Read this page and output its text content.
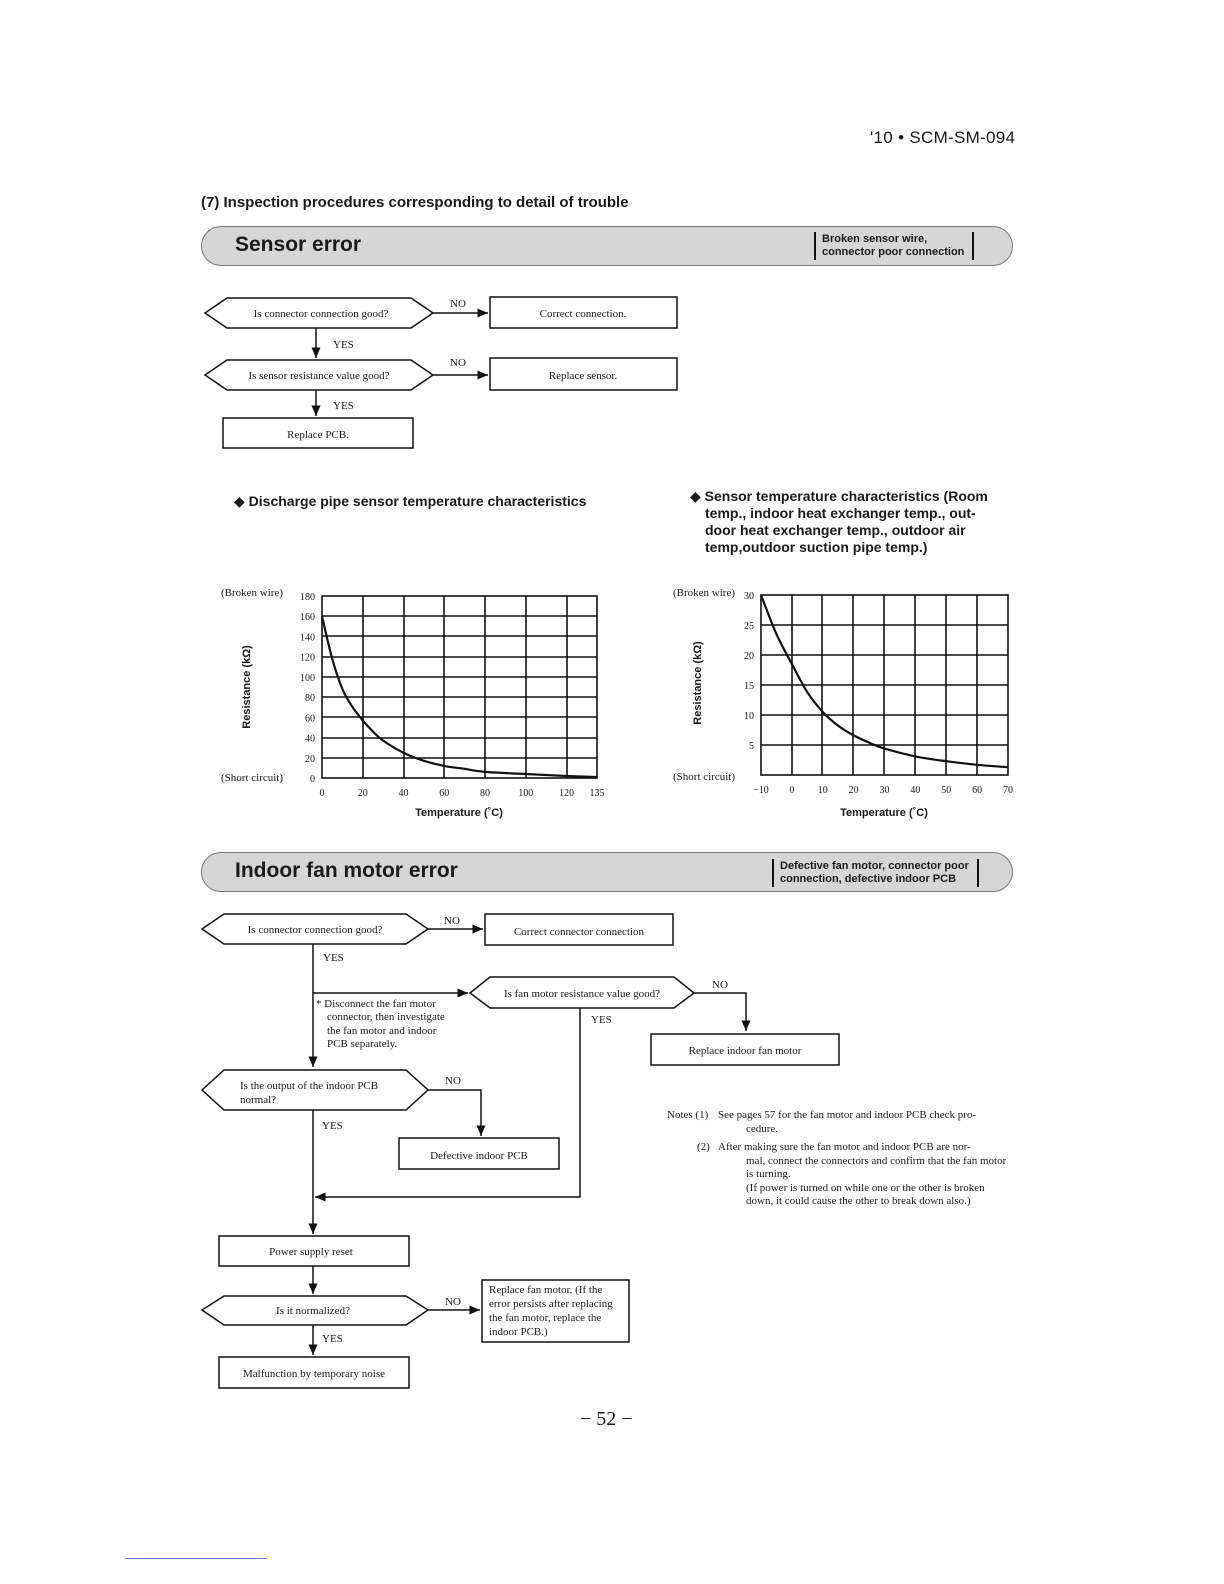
'10 • SCM-SM-094
(7) Inspection procedures corresponding to detail of trouble
Sensor error	Broken sensor wire,
connector poor connection
Is connector connection good?
NO
Correct connection.
YES
Is sensor resistance value good?
NO
Replace sensor.
YES
Replace PCB.
(Broken wire)
(Short circuit)	0
20
40
60
80
100
120
140
160
180
0	20	40	60	80	100	120 135
Resistance (kΩ)
Temperature (˚C)
(Broken wire)
(Short circuit)
5
10
15
20
25
30
−10 0 10 20 30 40 50 60 70
Resistance (kΩ)
Temperature (˚C)
Is connector connection good?
NO
Correct connector connection
YES
* Disconnect the fan motor
connector, then investigate
the fan motor and indoor
PCB separately.
Is fan motor resistance value good?
NO
Replace indoor fan motor
YES
Is the output of the indoor PCB
normal?
NO
Defective indoor PCB
YES
Power supply reset
Is it normalized?
NO
Replace fan motor. (If the
error persists after replacing
the fan motor, replace the
indoor PCB.)
YES
Malfunction by temporary noise
Notes (1) See pages 57 for the fan motor and indoor PCB check pro-
cedure.
(2) After making sure the fan motor and indoor PCB are nor-
mal, connect the connectors and confirm that the fan motor
is turning.
(If power is turned on while one or the other is broken
down, it could cause the other to break down also.)
◆ Discharge pipe sensor temperature characteristics	◆ Sensor temperature characteristics (Room
temp., indoor heat exchanger temp., out-
door heat exchanger temp., outdoor air
temp,outdoor suction pipe temp.)
Indoor fan motor error	Defective fan motor, connector poor
connection, defective indoor PCB
− 52 −
